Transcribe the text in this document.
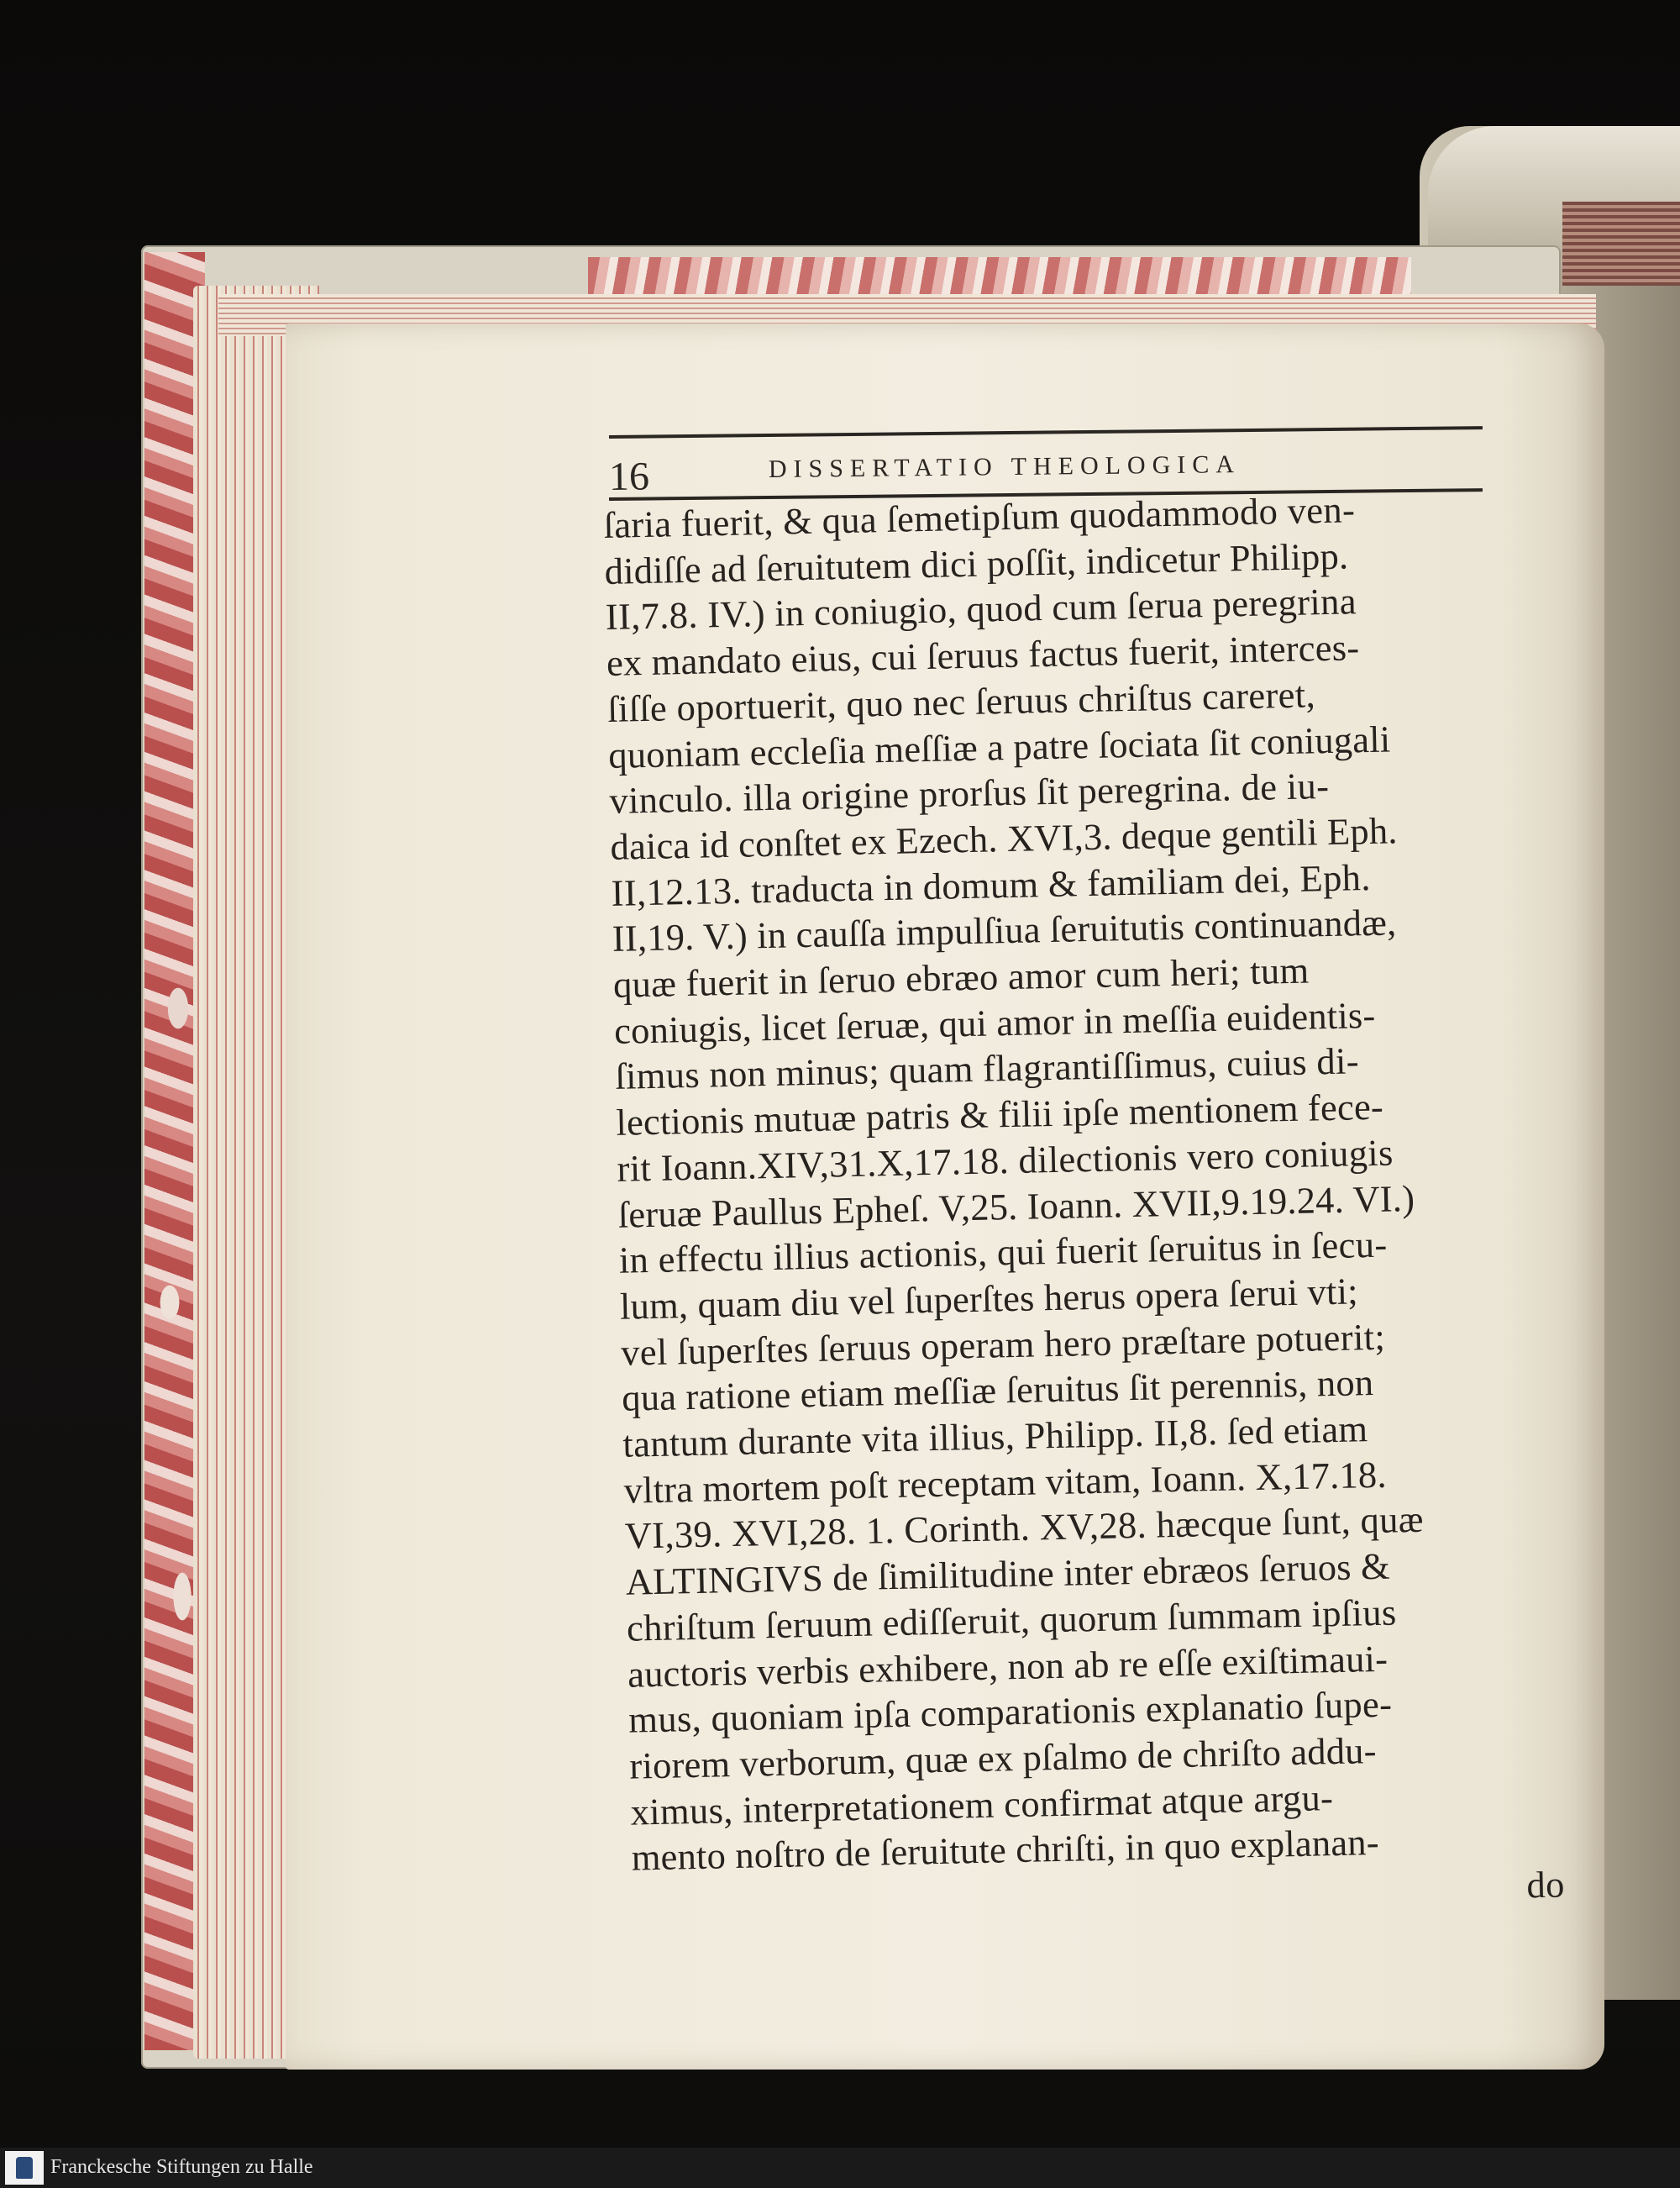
16	DISSERTATIO THEOLOGICA
ſaria fuerit, & qua ſemetipſum quodammodo ven-
didiſſe ad ſeruitutem dici poſſit, indicetur Philipp.
II,7.8. IV.) in coniugio, quod cum ſerua peregrina
ex mandato eius, cui ſeruus factus fuerit, interces-
ſiſſe oportuerit, quo nec ſeruus chriſtus careret,
quoniam eccleſia meſſiæ a patre ſociata ſit coniugali
vinculo. illa origine prorſus ſit peregrina. de iu-
daica id conſtet ex Ezech. XVI,3. deque gentili Eph.
II,12.13. traducta in domum & familiam dei, Eph.
II,19. V.) in cauſſa impulſiua ſeruitutis continuandæ,
quæ fuerit in ſeruo ebræo amor cum heri; tum
coniugis, licet ſeruæ, qui amor in meſſia euidentis-
ſimus non minus; quam flagrantiſſimus, cuius di-
lectionis mutuæ patris & filii ipſe mentionem fece-
rit Ioann.XIV,31.X,17.18. dilectionis vero coniugis
ſeruæ Paullus Epheſ. V,25. Ioann. XVII,9.19.24. VI.)
in effectu illius actionis, qui fuerit ſeruitus in ſecu-
lum, quam diu vel ſuperſtes herus opera ſerui vti;
vel ſuperſtes ſeruus operam hero præſtare potuerit;
qua ratione etiam meſſiæ ſeruitus ſit perennis, non
tantum durante vita illius, Philipp. II,8. ſed etiam
vltra mortem poſt receptam vitam, Ioann. X,17.18.
VI,39. XVI,28. 1. Corinth. XV,28. hæcque ſunt, quæ
ALTINGIVS de ſimilitudine inter ebræos ſeruos &
chriſtum ſeruum ediſſeruit, quorum ſummam ipſius
auctoris verbis exhibere, non ab re eſſe exiſtimaui-
mus, quoniam ipſa comparationis explanatio ſupe-
riorem verborum, quæ ex pſalmo de chriſto addu-
ximus, interpretationem confirmat atque argu-
mento noſtro de ſeruitute chriſti, in quo explanan-
do
Franckesche Stiftungen zu Halle
